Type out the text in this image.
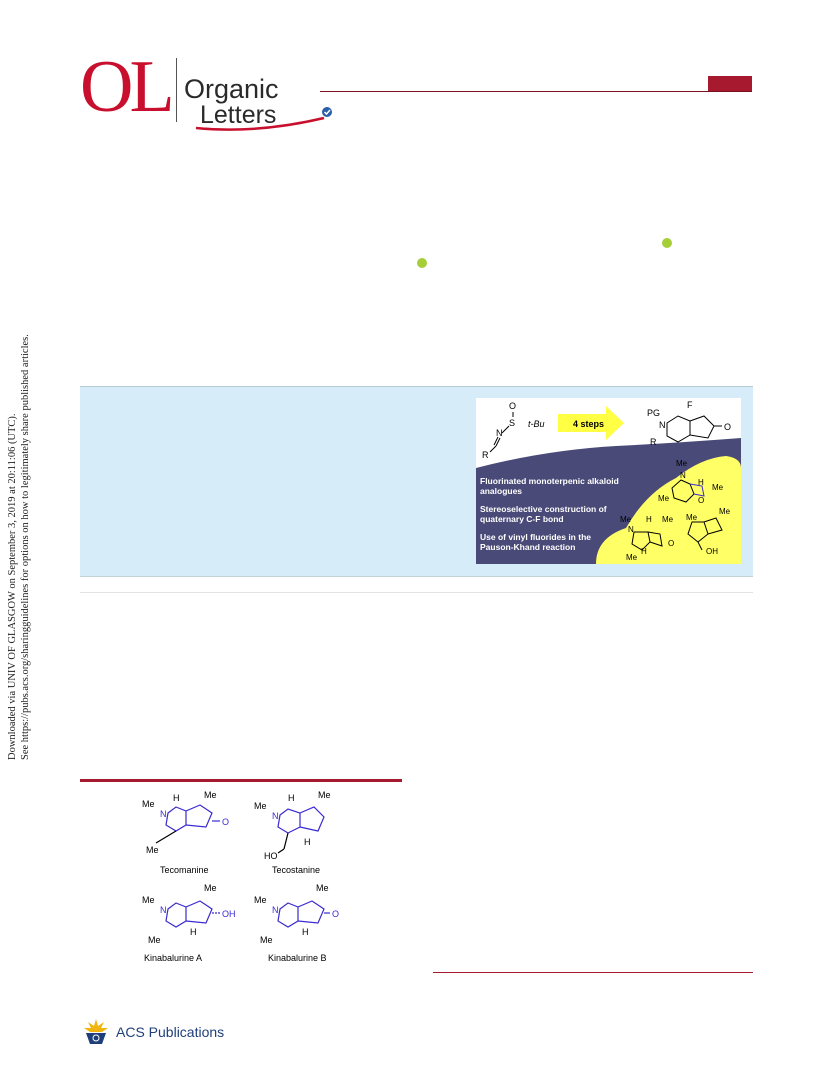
OL Organic
Letters
Downloaded via UNIV OF GLASGOW on September 3, 2019 at 20:11:06 (UTC). See https://pubs.acs.org/sharingguidelines for options on how to legitimately share published articles.	O
S t-Bu
N
R
4 steps
PG
N
F
R
O
Fluorinated monoterpenic alkaloid
analogues
Stereoselective construction of
quaternary C-F bond
Use of vinyl fluorides in the
Pauson-Khand reaction
Me
N
H
Me
Me	O
Me
Me
Me H Me
N
O
H
Me
OH
Me
N
H	Me
O
Me
Tecomanine
Me
N
H	Me
H
HO
Tecostanine
Me
N
Me
OH
H
Me
Kinabalurine A
Me
N
Me
O
H
Me
Kinabalurine B
ACS Publications
